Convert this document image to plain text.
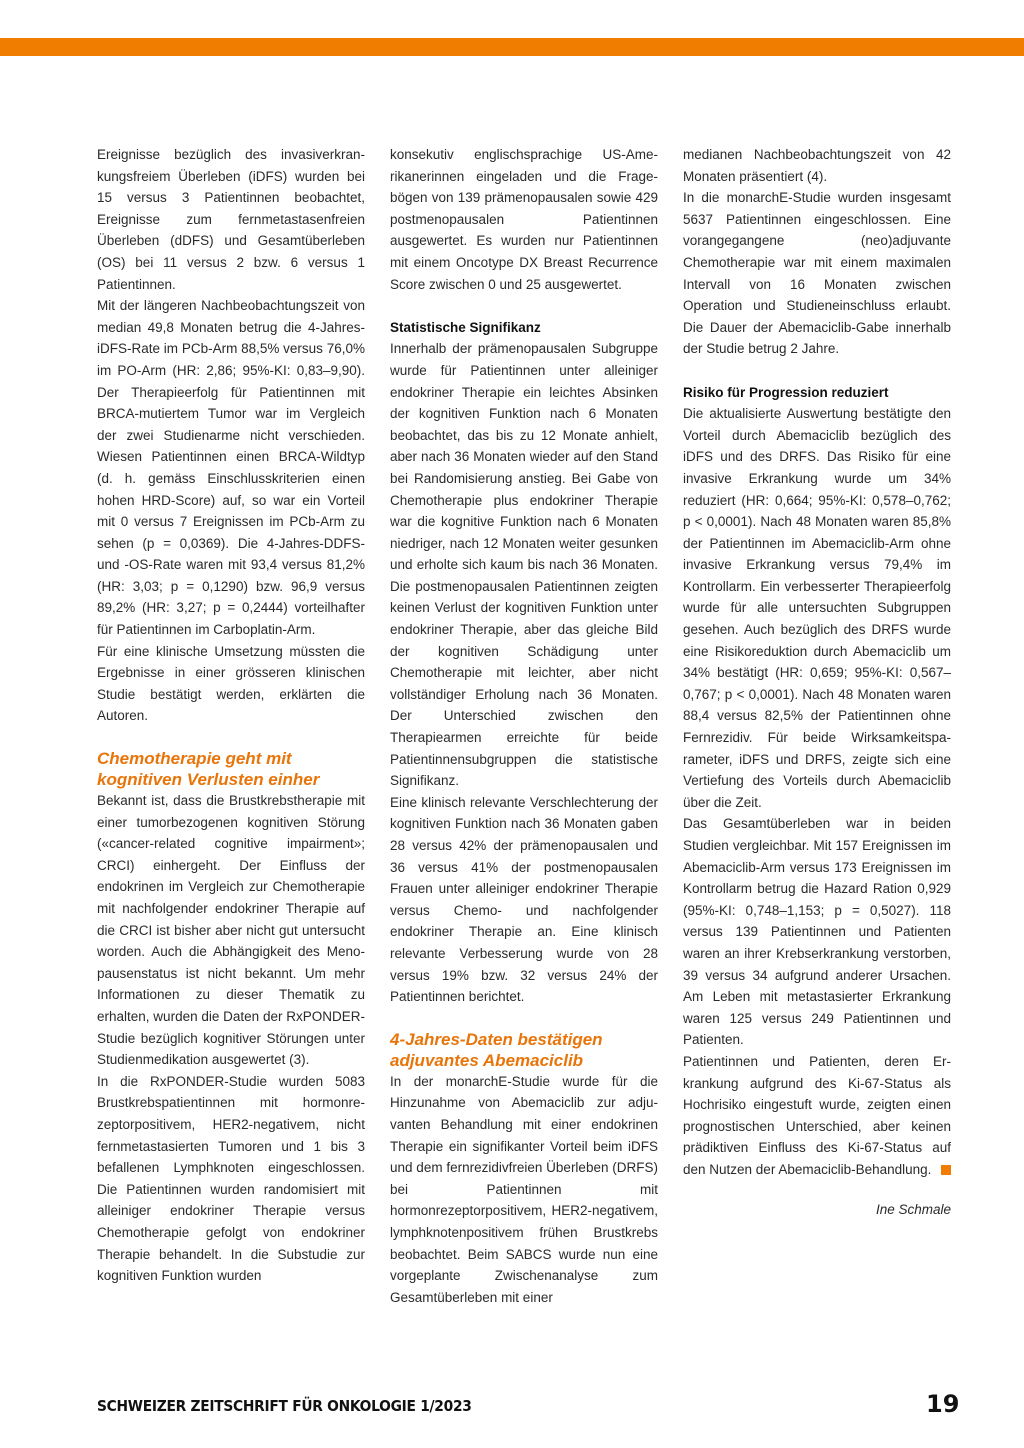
Ereignisse bezüglich des invasiverkrankungsfreiem Überleben (iDFS) wurden bei 15 versus 3 Patientinnen beobachtet, Ereignisse zum fernmetastasenfreien Überleben (dDFS) und Gesamtüberleben (OS) bei 11 versus 2 bzw. 6 versus 1 Patientinnen.

Mit der längeren Nachbeobachtungszeit von median 49,8 Monaten betrug die 4-Jahres-iDFS-Rate im PCb-Arm 88,5% versus 76,0% im PO-Arm (HR: 2,86; 95%-KI: 0,83–9,90). Der Therapieerfolg für Patientinnen mit BRCA-mutiertem Tumor war im Vergleich der zwei Studienarme nicht verschieden. Wiesen Patientinnen einen BRCA-Wildtyp (d. h. gemäss Einschlusskriterien einen hohen HRD-Score) auf, so war ein Vorteil mit 0 versus 7 Ereignissen im PCb-Arm zu sehen (p = 0,0369). Die 4-Jahres-DDFS- und -OS-Rate waren mit 93,4 versus 81,2% (HR: 3,03; p = 0,1290) bzw. 96,9 versus 89,2% (HR: 3,27; p = 0,2444) vorteilhafter für Patientinnen im Carboplatin-Arm.

Für eine klinische Umsetzung müssten die Ergebnisse in einer grösseren klinischen Studie bestätigt werden, erklärten die Autoren.

Chemotherapie geht mit kognitiven Verlusten einher

Bekannt ist, dass die Brustkrebstherapie mit einer tumorbezogenen kognitiven Störung («cancer-related cognitive impairment»; CRCI) einhergeht. Der Einfluss der endokrinen im Vergleich zur Chemotherapie mit nachfolgender endokriner Therapie auf die CRCI ist bisher aber nicht gut untersucht worden. Auch die Abhängigkeit des Menopausenstatus ist nicht bekannt. Um mehr Informationen zu dieser Thematik zu erhalten, wurden die Daten der RxPONDER-Studie bezüglich kognitiver Störungen unter Studienmedikation ausgewertet (3).

In die RxPONDER-Studie wurden 5083 Brustkrebspatientinnen mit hormonrezeptorpositivem, HER2-negativem, nicht fernmetastasierten Tumoren und 1 bis 3 befallenen Lymphknoten eingeschlossen. Die Patientinnen wurden randomisiert mit alleiniger endokriner Therapie versus Chemotherapie gefolgt von endokriner Therapie behandelt. In die Substudie zur kognitiven Funktion wurden

konsekutiv englischsprachige US-Amerikanerinnen eingeladen und die Fragebögen von 139 prämenopausalen sowie 429 postmenopausalen Patientinnen ausgewertet. Es wurden nur Patientinnen mit einem Oncotype DX Breast Recurrence Score zwischen 0 und 25 ausgewertet.

Statistische Signifikanz

Innerhalb der prämenopausalen Subgruppe wurde für Patientinnen unter alleiniger endokriner Therapie ein leichtes Absinken der kognitiven Funktion nach 6 Monaten beobachtet, das bis zu 12 Monate anhielt, aber nach 36 Monaten wieder auf den Stand bei Randomisierung anstieg. Bei Gabe von Chemotherapie plus endokriner Therapie war die kognitive Funktion nach 6 Monaten niedriger, nach 12 Monaten weiter gesunken und erholte sich kaum bis nach 36 Monaten. Die postmenopausalen Patientinnen zeigten keinen Verlust der kognitiven Funktion unter endokriner Therapie, aber das gleiche Bild der kognitiven Schädigung unter Chemotherapie mit leichter, aber nicht vollständiger Erholung nach 36 Monaten. Der Unterschied zwischen den Therapiearmen erreichte für beide Patientinnensubgruppen die statistische Signifikanz.

Eine klinisch relevante Verschlechterung der kognitiven Funktion nach 36 Monaten gaben 28 versus 42% der prämenopausalen und 36 versus 41% der postmenopausalen Frauen unter alleiniger endokriner Therapie versus Chemo- und nachfolgender endokriner Therapie an. Eine klinisch relevante Verbesserung wurde von 28 versus 19% bzw. 32 versus 24% der Patientinnen berichtet.

4-Jahres-Daten bestätigen adjuvantes Abemaciclib

In der monarchE-Studie wurde für die Hinzunahme von Abemaciclib zur adjuvanten Behandlung mit einer endokrinen Therapie ein signifikanter Vorteil beim iDFS und dem fernrezidivfreien Überleben (DRFS) bei Patientinnen mit hormonrezeptorpositivem, HER2-negativem, lymphknotenpositivem frühen Brustkrebs beobachtet. Beim SABCS wurde nun eine vorgeplante Zwischenanalyse zum Gesamtüberleben mit einer

medianen Nachbeobachtungszeit von 42 Monaten präsentiert (4).

In die monarchE-Studie wurden insgesamt 5637 Patientinnen eingeschlossen. Eine vorangegangene (neo)adjuvante Chemotherapie war mit einem maximalen Intervall von 16 Monaten zwischen Operation und Studieneinschluss erlaubt. Die Dauer der Abemaciclib-Gabe innerhalb der Studie betrug 2 Jahre.

Risiko für Progression reduziert

Die aktualisierte Auswertung bestätigte den Vorteil durch Abemaciclib bezüglich des iDFS und des DRFS. Das Risiko für eine invasive Erkrankung wurde um 34% reduziert (HR: 0,664; 95%-KI: 0,578–0,762; p < 0,0001). Nach 48 Monaten waren 85,8% der Patientinnen im Abemaciclib-Arm ohne invasive Erkrankung versus 79,4% im Kontrollarm. Ein verbesserter Therapieerfolg wurde für alle untersuchten Subgruppen gesehen. Auch bezüglich des DRFS wurde eine Risikoreduktion durch Abemaciclib um 34% bestätigt (HR: 0,659; 95%-KI: 0,567–0,767; p < 0,0001). Nach 48 Monaten waren 88,4 versus 82,5% der Patientinnen ohne Fernrezidiv. Für beide Wirksamkeitsparameter, iDFS und DRFS, zeigte sich eine Vertiefung des Vorteils durch Abemaciclib über die Zeit.

Das Gesamtüberleben war in beiden Studien vergleichbar. Mit 157 Ereignissen im Abemaciclib-Arm versus 173 Ereignissen im Kontrollarm betrug die Hazard Ration 0,929 (95%-KI: 0,748–1,153; p = 0,5027). 118 versus 139 Patientinnen und Patienten waren an ihrer Krebserkrankung verstorben, 39 versus 34 aufgrund anderer Ursachen. Am Leben mit metastasierter Erkrankung waren 125 versus 249 Patientinnen und Patienten.

Patientinnen und Patienten, deren Erkrankung aufgrund des Ki-67-Status als Hochrisiko eingestuft wurde, zeigten einen prognostischen Unterschied, aber keinen prädiktiven Einfluss des Ki-67-Status auf den Nutzen der Abemaciclib-Behandlung.

Ine Schmale

SCHWEIZER ZEITSCHRIFT FÜR ONKOLOGIE 1/2023	19
